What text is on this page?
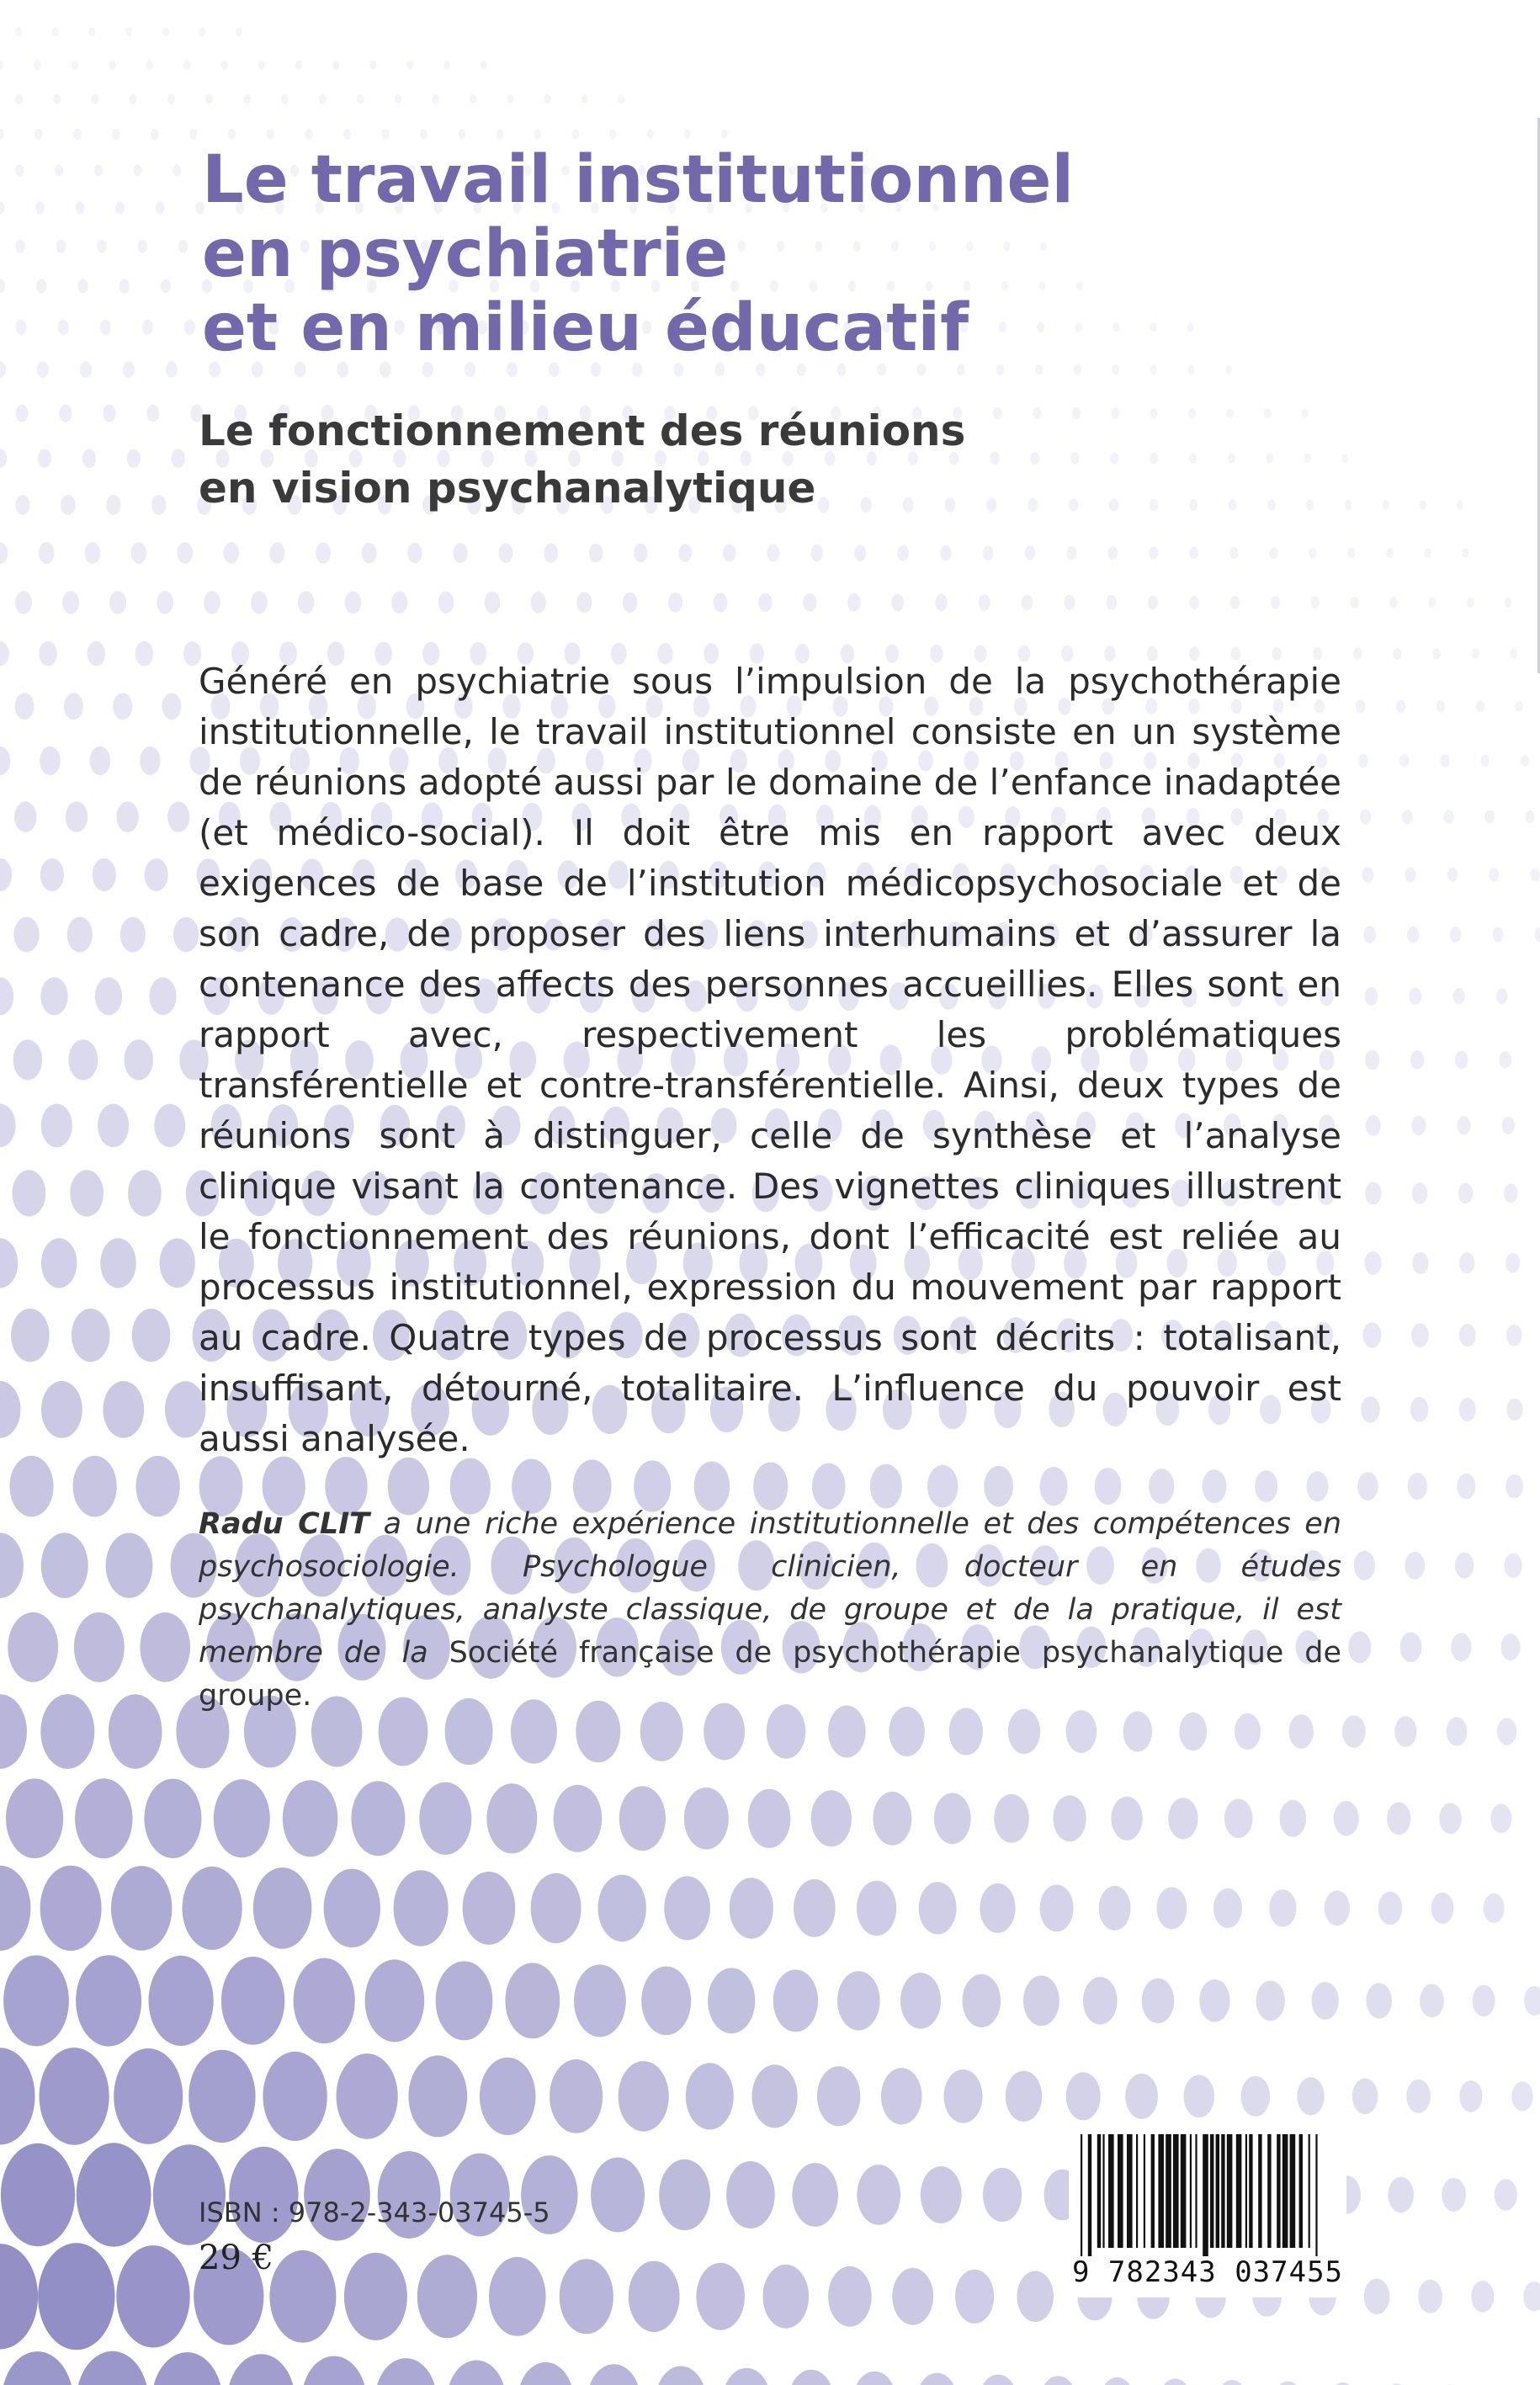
Le travail institutionnel
en psychiatrie
et en milieu éducatif
Le fonctionnement des réunions
en vision psychanalytique

Généré en psychiatrie sous l’impulsion de la psychothérapie institutionnelle, le travail institutionnel consiste en un système de réunions adopté aussi par le domaine de l’enfance inadaptée (et médico-social). Il doit être mis en rapport avec deux exigences de base de l’institution médicopsychosociale et de son cadre, de proposer des liens interhumains et d’assurer la contenance des affects des personnes accueillies. Elles sont en rapport avec, respectivement les problématiques transférentielle et contre-transférentielle. Ainsi, deux types de réunions sont à distinguer, celle de synthèse et l’analyse clinique visant la contenance. Des vignettes cliniques illustrent le fonctionnement des réunions, dont l’efficacité est reliée au processus institutionnel, expression du mouvement par rapport au cadre. Quatre types de processus sont décrits : totalisant, insuffisant, détourné, totalitaire. L’influence du pouvoir est aussi analysée.

Radu CLIT a une riche expérience institutionnelle et des compétences en psychosociologie. Psychologue clinicien, docteur en études psychanalytiques, analyste classique, de groupe et de la pratique, il est membre de la Société française de psychothérapie psychanalytique de groupe.

ISBN : 978-2-343-03745-5
29 €	9 782343 037455
